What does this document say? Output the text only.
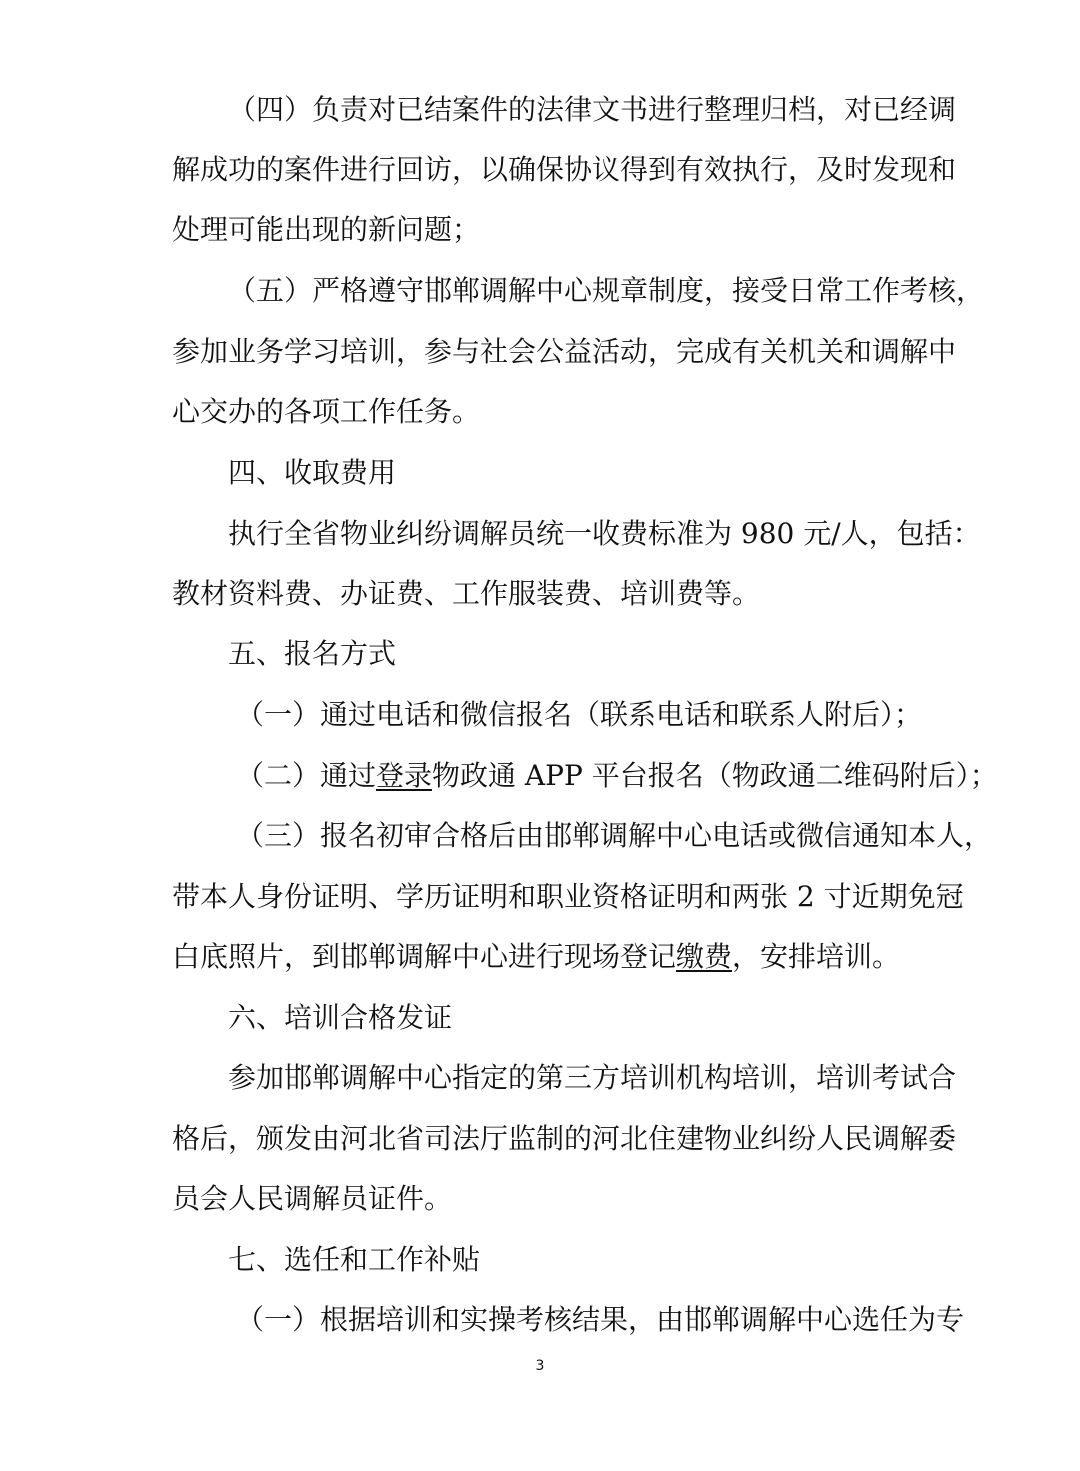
（四）负责对已结案件的法律文书进行整理归档，对已经调
解成功的案件进行回访，以确保协议得到有效执行，及时发现和
处理可能出现的新问题；
（五）严格遵守邯郸调解中心规章制度，接受日常工作考核，
参加业务学习培训，参与社会公益活动，完成有关机关和调解中
心交办的各项工作任务。
四、收取费用
执行全省物业纠纷调解员统一收费标准为 980 元/人，包括：
教材资料费、办证费、工作服装费、培训费等。
五、报名方式
（一）通过电话和微信报名（联系电话和联系人附后）；
（二）通过登录物政通 APP 平台报名（物政通二维码附后）；
（三）报名初审合格后由邯郸调解中心电话或微信通知本人，
带本人身份证明、学历证明和职业资格证明和两张 2 寸近期免冠
白底照片，到邯郸调解中心进行现场登记缴费，安排培训。
六、培训合格发证
参加邯郸调解中心指定的第三方培训机构培训，培训考试合
格后，颁发由河北省司法厅监制的河北住建物业纠纷人民调解委
员会人民调解员证件。
七、选任和工作补贴
（一）根据培训和实操考核结果，由邯郸调解中心选任为专
3
